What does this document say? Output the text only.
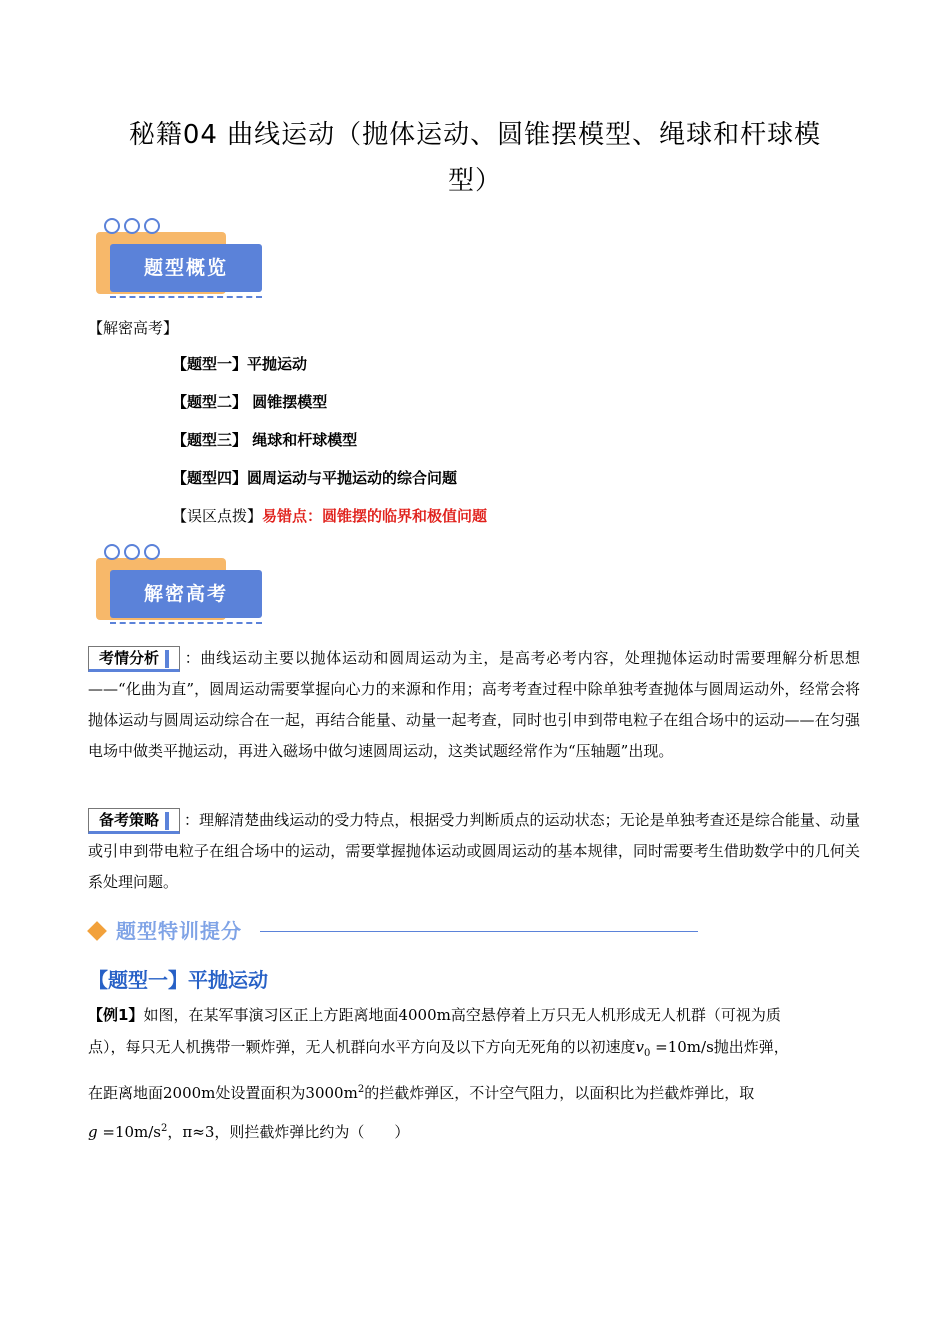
秘籍04 曲线运动（抛体运动、圆锥摆模型、绳球和杆球模
型）
题型概览
【解密高考】
【题型一】平抛运动
【题型二】 圆锥摆模型
【题型三】 绳球和杆球模型
【题型四】圆周运动与平抛运动的综合问题
【误区点拨】易错点：圆锥摆的临界和极值问题
解密高考
考情分析 ：曲线运动主要以抛体运动和圆周运动为主，是高考必考内容，处理抛体运动时需要理解分析思想——“化曲为直”，圆周运动需要掌握向心力的来源和作用；高考考查过程中除单独考查抛体与圆周运动外，经常会将抛体运动与圆周运动综合在一起，再结合能量、动量一起考查，同时也引申到带电粒子在组合场中的运动——在匀强电场中做类平抛运动，再进入磁场中做匀速圆周运动，这类试题经常作为“压轴题”出现。
备考策略 ：理解清楚曲线运动的受力特点，根据受力判断质点的运动状态；无论是单独考查还是综合能量、动量或引申到带电粒子在组合场中的运动，需要掌握抛体运动或圆周运动的基本规律，同时需要考生借助数学中的几何关系处理问题。
题型特训提分
【题型一】平抛运动
【例1】如图，在某军事演习区正上方距离地面4000m高空悬停着上万只无人机形成无人机群（可视为质
点），每只无人机携带一颗炸弹，无人机群向水平方向及以下方向无死角的以初速度$v_0 =10m/s$抛出炸弹，
在距离地面2000m处设置面积为$3000m^2$的拦截炸弹区，不计空气阻力，以面积比为拦截炸弹比，取
$g =10m/s^2$，π≈3，则拦截炸弹比约为（　　）
